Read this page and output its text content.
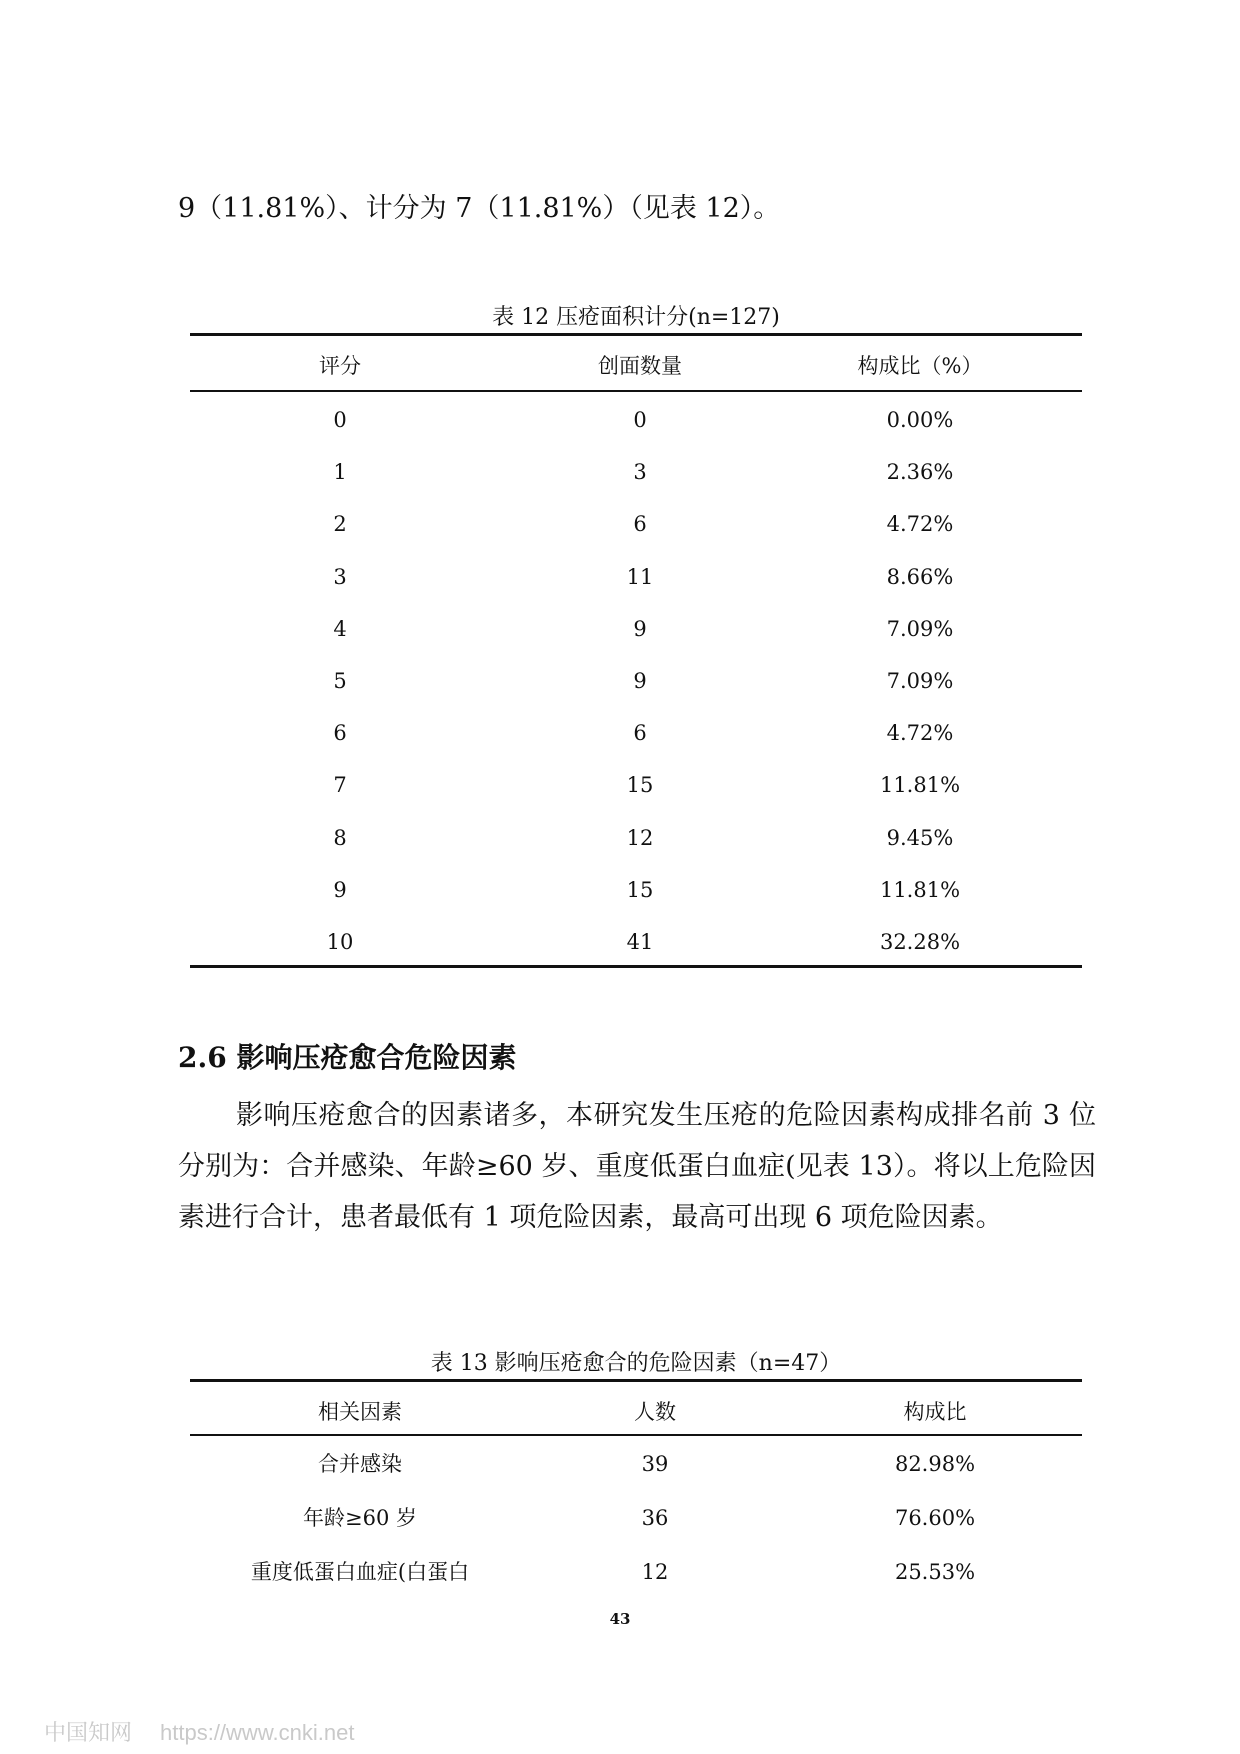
9（11.81%）、计分为 7（11.81%）（见表 12）。
表 12 压疮面积计分(n=127)
评分	创面数量	构成比（%）
0	0	0.00%
1	3	2.36%
2	6	4.72%
3	11	8.66%
4	9	7.09%
5	9	7.09%
6	6	4.72%
7	15	11.81%
8	12	9.45%
9	15	11.81%
10	41	32.28%
2.6 影响压疮愈合危险因素
影响压疮愈合的因素诸多，本研究发生压疮的危险因素构成排名前 3 位分别为：合并感染、年龄≥60 岁、重度低蛋白血症(见表 13）。将以上危险因素进行合计，患者最低有 1 项危险因素，最高可出现 6 项危险因素。
表 13 影响压疮愈合的危险因素（n=47）
相关因素	人数	构成比
合并感染	39	82.98%
年龄≥60 岁	36	76.60%
重度低蛋白血症(白蛋白	12	25.53%
43
中国知网 https://www.cnki.net
